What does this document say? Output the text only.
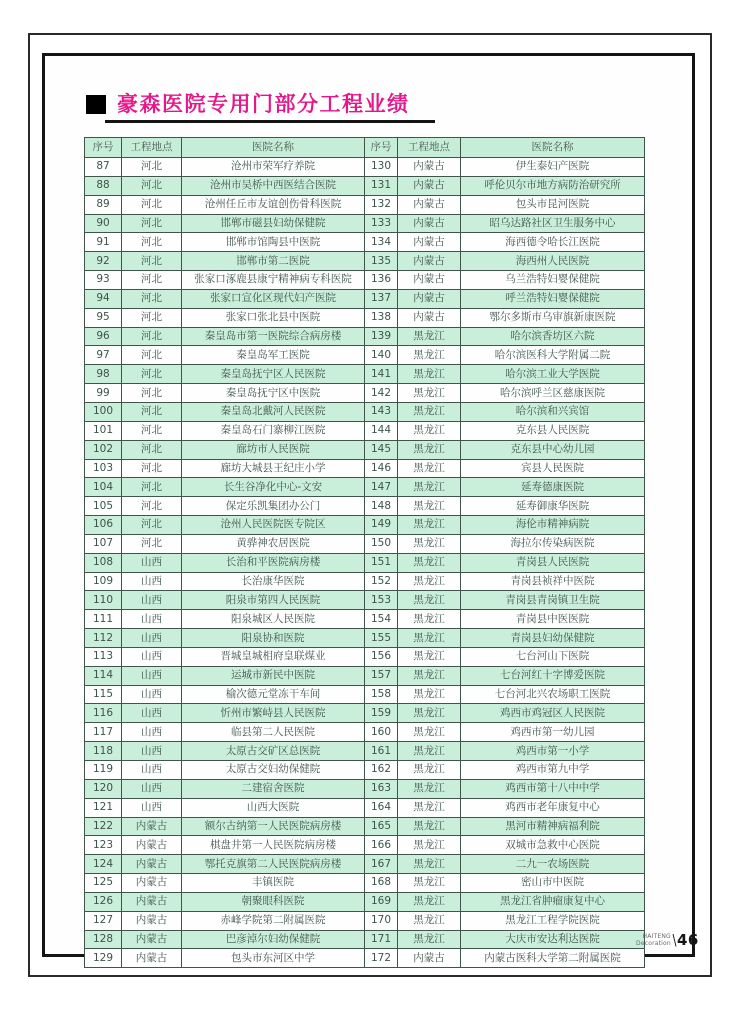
豪森医院专用门部分工程业绩
序号	工程地点	医院名称	序号	工程地点	医院名称
87	河北	沧州市荣军疗养院	130	内蒙古	伊生泰妇产医院
88	河北	沧州市吴桥中西医结合医院	131	内蒙古	呼伦贝尔市地方病防治研究所
89	河北	沧州任丘市友谊创伤骨科医院	132	内蒙古	包头市昆河医院
90	河北	邯郸市磁县妇幼保健院	133	内蒙古	昭乌达路社区卫生服务中心
91	河北	邯郸市馆陶县中医院	134	内蒙古	海西德令哈长江医院
92	河北	邯郸市第二医院	135	内蒙古	海西州人民医院
93	河北	张家口涿鹿县康宁精神病专科医院	136	内蒙古	乌兰浩特妇婴保健院
94	河北	张家口宣化区现代妇产医院	137	内蒙古	呼兰浩特妇婴保健院
95	河北	张家口张北县中医院	138	内蒙古	鄂尔多斯市乌审旗新康医院
96	河北	秦皇岛市第一医院综合病房楼	139	黑龙江	哈尔滨香坊区六院
97	河北	秦皇岛军工医院	140	黑龙江	哈尔滨医科大学附属二院
98	河北	秦皇岛抚宁区人民医院	141	黑龙江	哈尔滨工业大学医院
99	河北	秦皇岛抚宁区中医院	142	黑龙江	哈尔滨呼兰区慈康医院
100	河北	秦皇岛北戴河人民医院	143	黑龙江	哈尔滨和兴宾馆
101	河北	秦皇岛石门寨柳江医院	144	黑龙江	克东县人民医院
102	河北	廊坊市人民医院	145	黑龙江	克东县中心幼儿园
103	河北	廊坊大城县王纪庄小学	146	黑龙江	宾县人民医院
104	河北	长生谷净化中心-文安	147	黑龙江	延寿德康医院
105	河北	保定乐凯集团办公门	148	黑龙江	延寿御康华医院
106	河北	沧州人民医院医专院区	149	黑龙江	海伦市精神病院
107	河北	黄骅神农居医院	150	黑龙江	海拉尔传染病医院
108	山西	长治和平医院病房楼	151	黑龙江	青岗县人民医院
109	山西	长治康华医院	152	黑龙江	青岗县祯祥中医院
110	山西	阳泉市第四人民医院	153	黑龙江	青岗县青岗镇卫生院
111	山西	阳泉城区人民医院	154	黑龙江	青岗县中医医院
112	山西	阳泉协和医院	155	黑龙江	青岗县妇幼保健院
113	山西	晋城皇城相府皇联煤业	156	黑龙江	七台河山下医院
114	山西	运城市新民中医院	157	黑龙江	七台河红十字博爱医院
115	山西	榆次德元堂冻干车间	158	黑龙江	七台河北兴农场职工医院
116	山西	忻州市繁峙县人民医院	159	黑龙江	鸡西市鸡冠区人民医院
117	山西	临县第二人民医院	160	黑龙江	鸡西市第一幼儿园
118	山西	太原古交矿区总医院	161	黑龙江	鸡西市第一小学
119	山西	太原古交妇幼保健院	162	黑龙江	鸡西市第九中学
120	山西	二建宿舍医院	163	黑龙江	鸡西市第十八中中学
121	山西	山西大医院	164	黑龙江	鸡西市老年康复中心
122	内蒙古	额尔古纳第一人民医院病房楼	165	黑龙江	黑河市精神病福利院
123	内蒙古	棋盘井第一人民医院病房楼	166	黑龙江	双城市急救中心医院
124	内蒙古	鄂托克旗第二人民医院病房楼	167	黑龙江	二九一农场医院
125	内蒙古	丰镇医院	168	黑龙江	密山市中医院
126	内蒙古	朝聚眼科医院	169	黑龙江	黑龙江省肿瘤康复中心
127	内蒙古	赤峰学院第二附属医院	170	黑龙江	黑龙江工程学院医院
128	内蒙古	巴彦淖尔妇幼保健院	171	黑龙江	大庆市安达利达医院
129	内蒙古	包头市东河区中学	172	内蒙古	内蒙古医科大学第二附属医院
HAITENG
Decoration \ 46
